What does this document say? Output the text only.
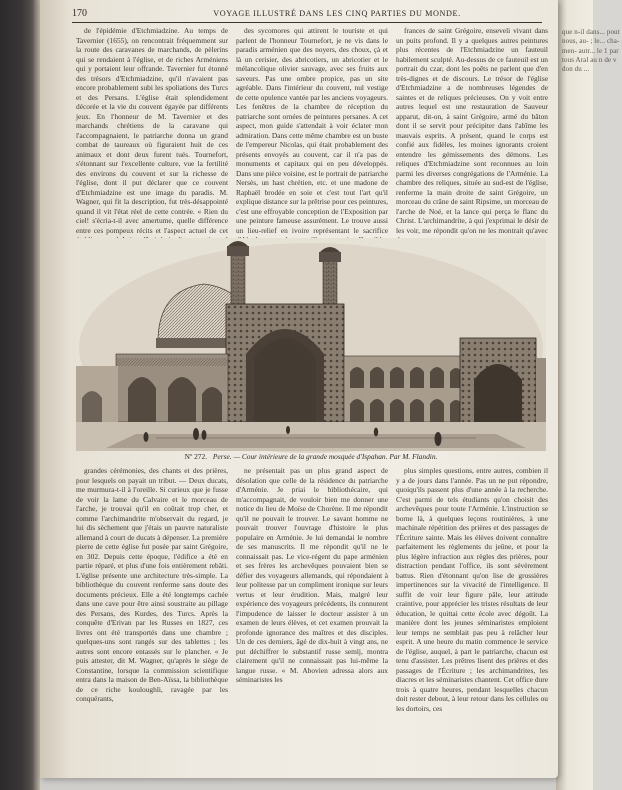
que n-il dans... pout nous, au- ; le... cha- men- autr... le 1 par tous Aral au n de v don du ...
170	VOYAGE ILLUSTRÉ DANS LES CINQ PARTIES DU MONDE.

de l'épidémie d'Etchmiadzine. Au temps de Tavernier (1655), on rencontrait fréquemment sur la route des caravanes de marchands, de pèlerins qui se rendaient à l'église, et de riches Arméniens qui y portaient leur offrande. Tavernier fut étonné des trésors d'Etchmiadzine, qu'il n'avaient pas encore probablement subi les spoliations des Turcs et des Persans. L'église était splendidement décorée et la vie du couvent égayée par différents jeux. En l'honneur de M. Tavernier et des marchands chrétiens de la caravane qui l'accompagnaient, le patriarche donna un grand combat de taureaux où figuraient huit de ces animaux et dont deux furent tués. Tournefort, s'étonnant sur l'excellente culture, vue la fertilité des environs du couvent et sur la richesse de l'église, dont il put déclarer que ce couvent d'Etchmiadzine est une image du paradis. M. Wagner, qui fit la description, fut très-désappointé quand il vit l'état réel de cette contrée. « Rien du ciel! s'écria-t-il avec amertume, quelle différence entre ces pompeux récits et l'aspect actuel de cet

des sycomores qui attirent le touriste et qui parlent de l'honneur Tournefort, je ne vis dans le paradis arménien que des noyers, des choux, çà et là un cerisier, des abricotiers, un abricotier et le mélancolique olivier sauvage, avec ses fruits aux saveurs. Pas une ombre propice, pas un site agréable. Dans l'intérieur du couvent, nul vestige de cette opulence vantée par les anciens voyageurs. Les fenêtres de la chambre de réception du patriarche sont ornées de peintures persanes. A cet aspect, mon guide s'attendait à voir éclater mon admiration. Dans cette même chambre est un buste de l'empereur Nicolas, qui était probablement des présents envoyés au couvent, car il n'a pas de monuments et capitaux qui en peu développés. Dans une pièce voisine, est le portrait de patriarche Nersès, un hast chrétien, etc. et une madone de Raphaël brodée en soie et c'est tout l'art qu'il explique distance sur la prêtrise pour ces peintures, c'est une effroyable conception de l'Exposition par une peinture fameuse assurément. Le trouve aussi un lieu-relief en ivoire représentant le sacrifice

frances de saint Grégoire, enseveli vivant dans un puits profond. Il y a quelques autres peintures plus récentes de l'Etchmiadzine un fauteuil habilement sculpté. Au-dessus de ce fauteuil est un portrait du czar, dont les poêts ne parlent que d'en très-dignes et de discours. Le trésor de l'église d'Etchmiadzine a de nombreuses légendes de saintes et de reliques précieuses. On y voit entre autres lequel est une restauration de Sauveur apparut, dit-on, à saint Grégoire, armé du bâton dont il se servit pour précipiter dans l'abîme les mauvais esprits. A présent, quand le corps est confié aux fidèles, les moines ignorants croient entendre les gémissements des démons. Les reliques d'Etchmiadzine sont reconnues au loin parmi les diverses congrégations de l'Arménie. La chambre des reliques, située au sud-est de l'église, renferme la main droite de saint Grégoire, un morceau du crâne de saint Ripsime, un morceau de l'arche de Noé, et la lance qui perça le flanc du Christ. L'archimandrite, à qui j'exprimai le désir de les voir, me répondit qu'on ne les montrait qu'avec

Nº 272. Perse. — Cour intérieure de la grande mosquée d'Ispahan. Par M. Flandin.

grandes cérémonies, des chants et des prières, pour lesquels on payait un tribut. — Deux ducats, me murmura-t-il à l'oreille. Si curieux que je fusse de voir la lame du Calvaire et le morceau de l'arche, je trouvai qu'il en coûtait trop cher, et comme l'archimandrite m'observait du regard, je lui dis sèchement que j'étais un pauvre naturaliste allemand à court de ducats à dépenser. La première pierre de cette église fut posée par saint Grégoire, en 302. Depuis cette époque, l'édifice a été en partie réparé, et plus d'une fois entièrement rebâti. L'église présente une architecture très-simple. La bibliothèque du couvent renferme sans doute des documents précieux. Elle a été longtemps cachée dans une cave pour être ainsi soustraite au pillage des Persans, des Kurdes, des Turcs. Après la conquête d'Erivan par les Russes en 1827, ces livres ont été transportés dans une chambre ; quelques-uns sont rangés sur des tablettes ; les autres sont encore entassés sur le plancher. « Je puis attester, dit M. Wagner, qu'après le siège de Constantine, lorsque la commission scientifique entra dans la maison de Ben-Aïssa, la bibliothèque de ce riche kouloughli, ravagée par les conquérants,

ne présentait pas un plus grand aspect de désolation que celle de la résidence du patriarche d'Arménie. Je priai le bibliothécaire, qui m'accompagnait, de vouloir bien me donner une notice du lieu de Moïse de Chorène. Il me répondit qu'il ne pouvait le trouver. Le savant homme ne pouvait trouver l'ouvrage d'histoire le plus populaire en Arménie. Je lui demandai le nombre de ses manuscrits. Il me répondit qu'il ne le connaissait pas. Le vice-régent du pape arménien et ses frères les archevêques pouvaient bien se défier des voyageurs allemands, qui répondaient à leur politesse par un compliment ironique sur leurs vertus et leur érudition. Mais, malgré leur expérience des voyageurs précédents, ils connurent l'impudence de laisser le docteur assister à un examen de leurs élèves, et cet examen prouvait la profonde ignorance des maîtres et des disciples. Un de ces derniers, âgé de dix-huit à vingt ans, ne put déchiffrer le substantif russe semlj, montra clairement qu'il ne connaissait pas lui-même la langue russe. « M. Abovien adressa alors aux séminaristes les

plus simples questions, entre autres, combien il y a de jours dans l'année. Pas un ne put répondre, quoiqu'ils passent plus d'une année à la recherche. C'est parmi de tels étudiants qu'on choisit des archevêques pour toute l'Arménie. L'instruction se borne là, à quelques leçons routinières, à une machinale répétition des prières et des passages de l'Écriture sainte. Mais les élèves doivent connaître parfaitement les règlements du jeûne, et pour la plus légère infraction aux règles des prières, pour distraction pendant l'office, ils sont sévèrement battus. Rien d'étonnant qu'on lise de grossières impertinences sur la vivacité de l'intelligence. Il suffit de voir leur figure pâle, leur attitude craintive, pour apprécier les tristes résultats de leur éducation, le quittai cette école avec dégoût. La manière dont les jeunes séminaristes emploient leur temps ne semblait pas peu à relâcher leur esprit. A une heure du matin commence le service de l'église, auquel, à part le patriarche, chacun est tenu d'assister. Les prêtres lisent des prières et des passages de l'Écriture ; les archimandrites, les diacres et les séminaristes chantent. Cet office dure trois à quatre heures, pendant lesquelles chacun doit rester debout, à leur retour dans les cellules ou les dortoirs, ces
